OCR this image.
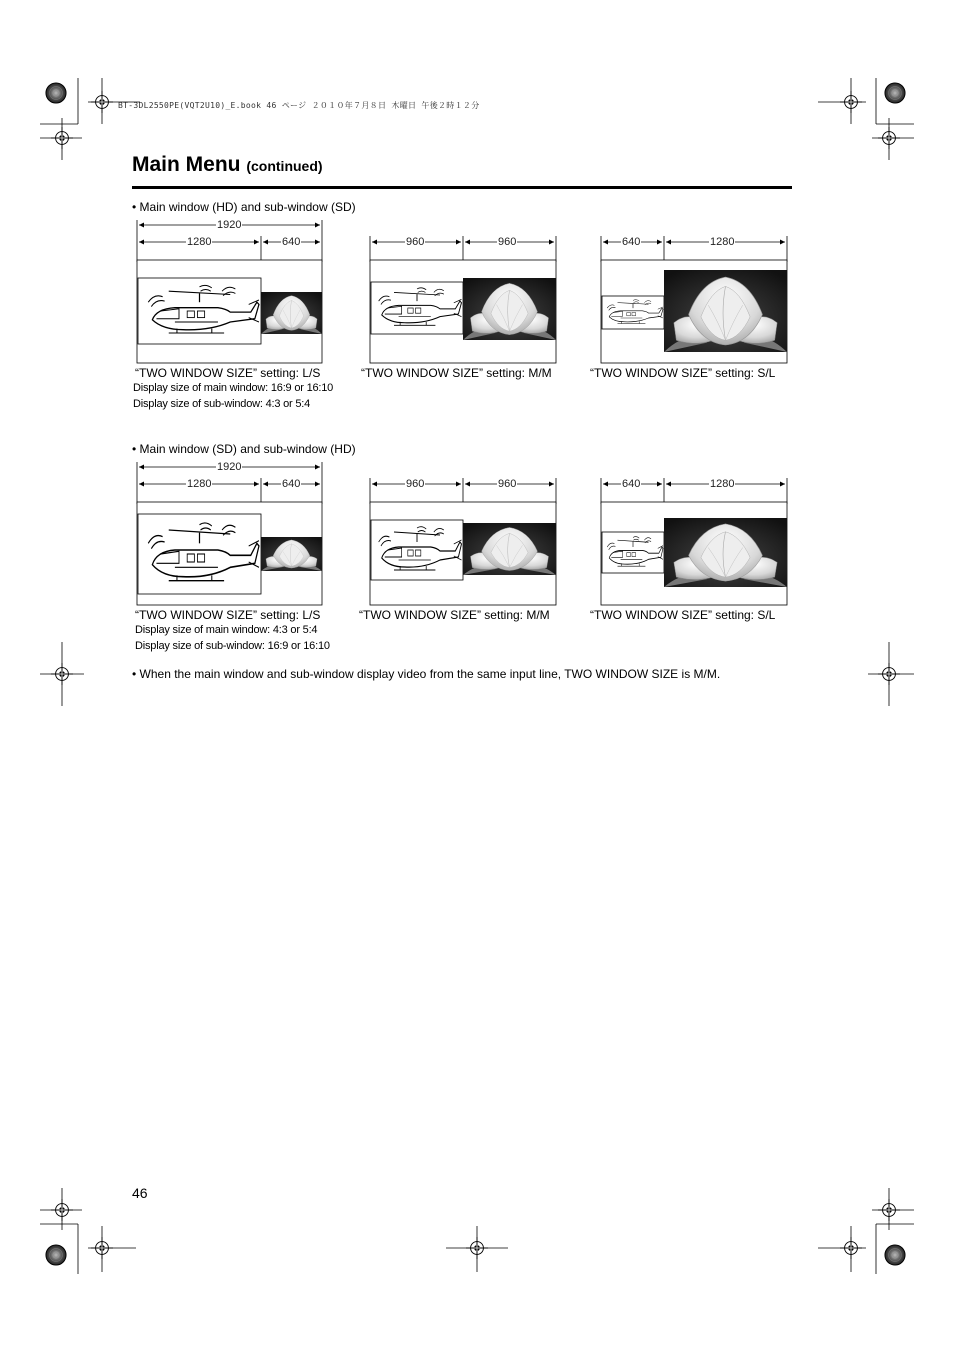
BT-3DL2550PE(VQT2U10)_E.book 46 ページ ２０１０年７月８日 木曜日 午後２時１２分
Main Menu (continued)
• Main window (HD) and sub-window (SD)
1920
1280	640	960	960	640	1280
“TWO WINDOW SIZE” setting: L/S	“TWO WINDOW SIZE” setting: M/M	“TWO WINDOW SIZE” setting: S/L
Display size of main window: 16:9 or 16:10
Display size of sub-window: 4:3 or 5:4
• Main window (SD) and sub-window (HD)
1920
1280	640	960	960	640	1280
“TWO WINDOW SIZE” setting: L/S	“TWO WINDOW SIZE” setting: M/M	“TWO WINDOW SIZE” setting: S/L
Display size of main window: 4:3 or 5:4
Display size of sub-window: 16:9 or 16:10
• When the main window and sub-window display video from the same input line, TWO WINDOW SIZE is M/M.
46
